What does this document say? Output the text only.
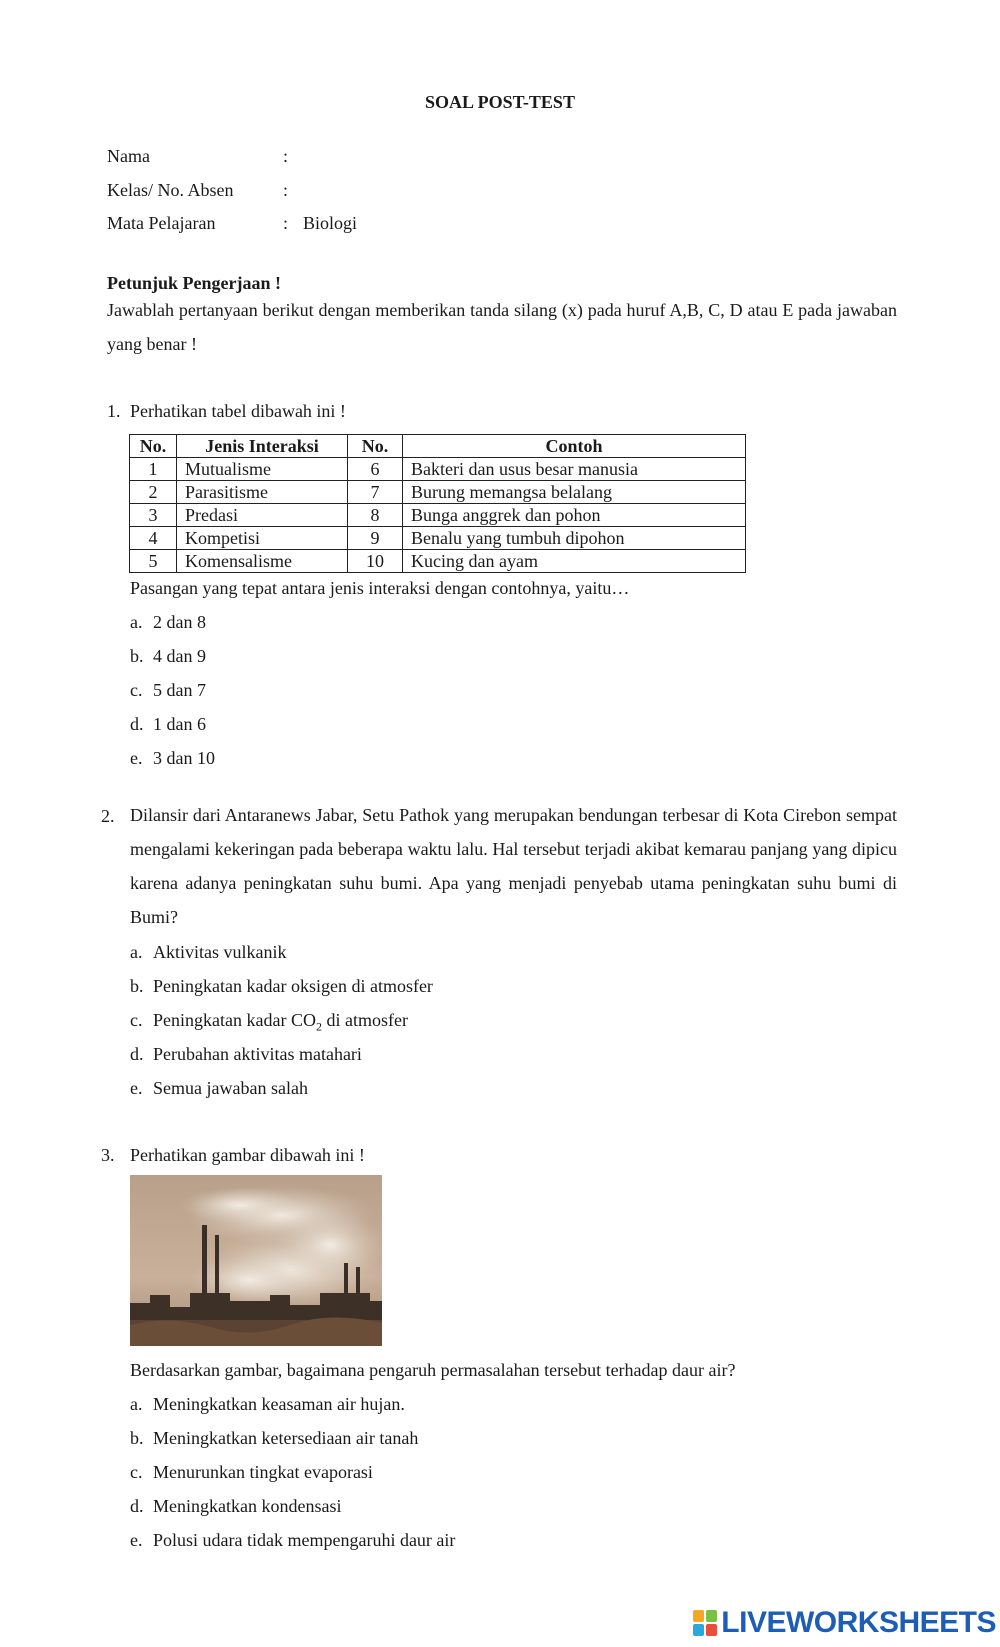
SOAL POST-TEST
Nama	:
Kelas/ No. Absen	:
Mata Pelajaran	: Biologi
Petunjuk Pengerjaan !
Jawablah pertanyaan berikut dengan memberikan tanda silang (x) pada huruf A,B, C, D atau E pada jawaban yang benar !
1. Perhatikan tabel dibawah ini !
No.	Jenis Interaksi	No.	Contoh
1	Mutualisme	6	Bakteri dan usus besar manusia
2	Parasitisme	7	Burung memangsa belalang
3	Predasi	8	Bunga anggrek dan pohon
4	Kompetisi	9	Benalu yang tumbuh dipohon
5	Komensalisme	10	Kucing dan ayam
Pasangan yang tepat antara jenis interaksi dengan contohnya, yaitu…
a. 2 dan 8
b. 4 dan 9
c. 5 dan 7
d. 1 dan 6
e. 3 dan 10
2. Dilansir dari Antaranews Jabar, Setu Pathok yang merupakan bendungan terbesar di Kota Cirebon sempat mengalami kekeringan pada beberapa waktu lalu. Hal tersebut terjadi akibat kemarau panjang yang dipicu karena adanya peningkatan suhu bumi. Apa yang menjadi penyebab utama peningkatan suhu bumi di Bumi?
a. Aktivitas vulkanik
b. Peningkatan kadar oksigen di atmosfer
c. Peningkatan kadar $CO_2$ di atmosfer
d. Perubahan aktivitas matahari
e. Semua jawaban salah
3. Perhatikan gambar dibawah ini !
Berdasarkan gambar, bagaimana pengaruh permasalahan tersebut terhadap daur air?
a. Meningkatkan keasaman air hujan.
b. Meningkatkan ketersediaan air tanah
c. Menurunkan tingkat evaporasi
d. Meningkatkan kondensasi
e. Polusi udara tidak mempengaruhi daur air
LIVEWORKSHEETS
